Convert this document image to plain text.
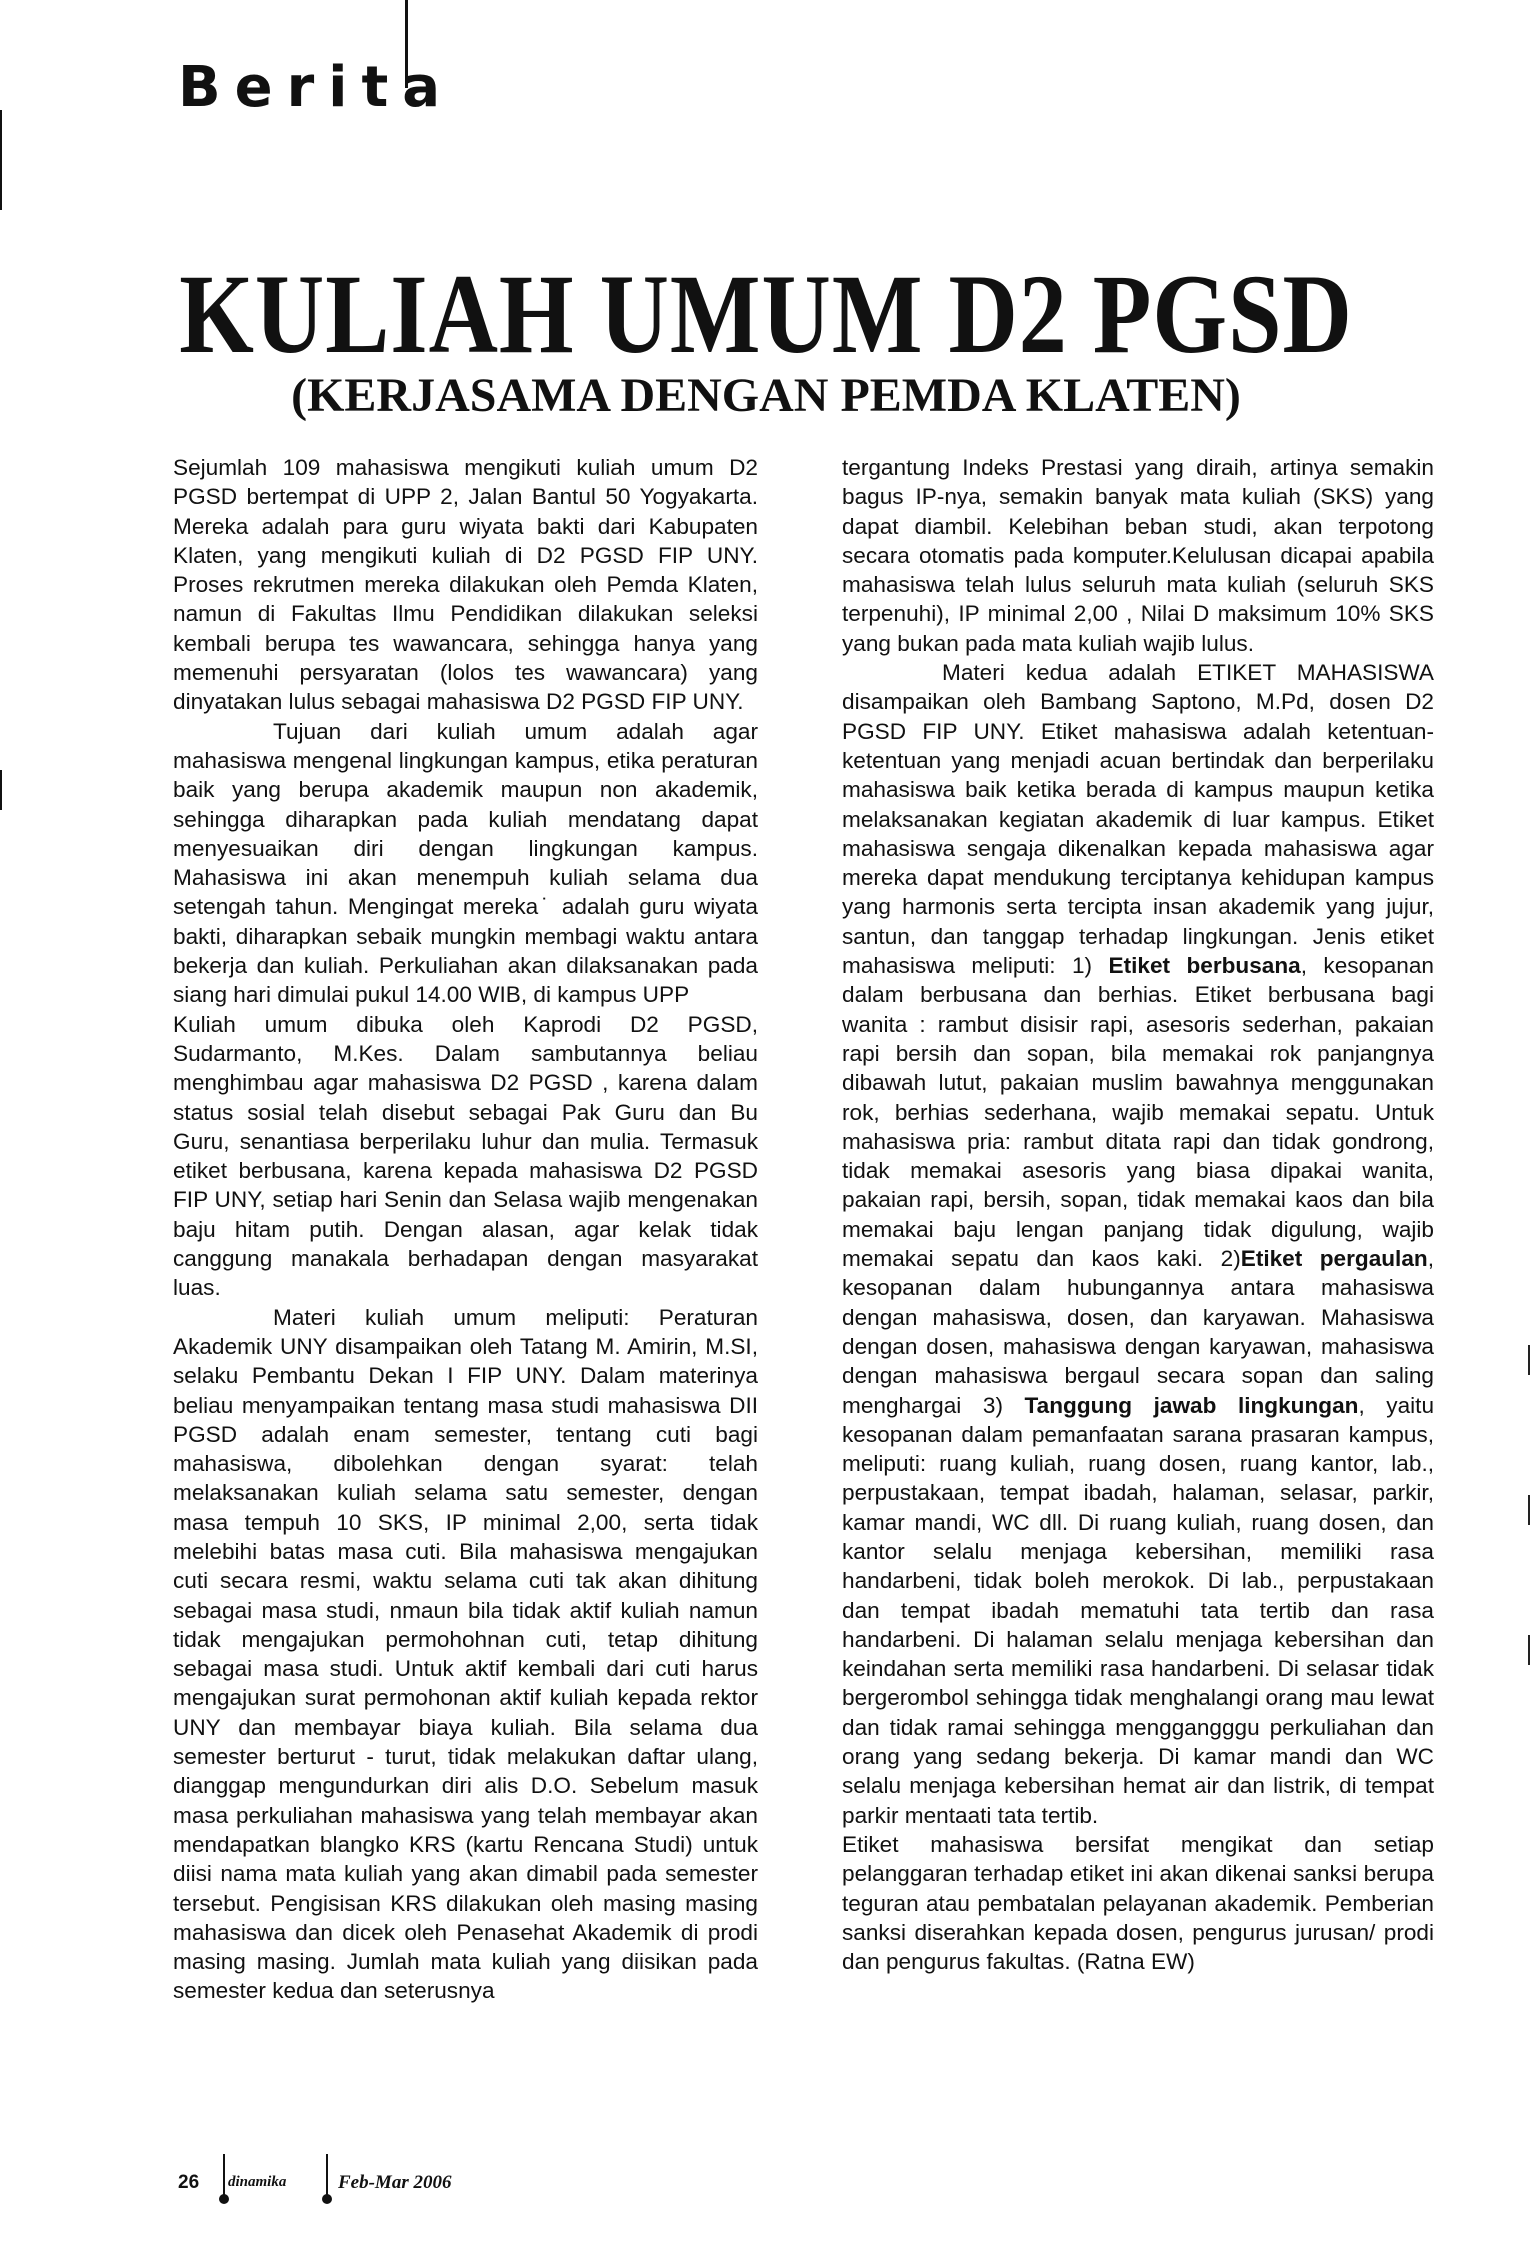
Berita
KULIAH UMUM D2 PGSD
(KERJASAMA DENGAN PEMDA KLATEN)

Sejumlah 109 mahasiswa mengikuti kuliah umum D2 PGSD bertempat di UPP 2, Jalan Bantul 50 Yogyakarta. Mereka adalah para guru wiyata bakti dari Kabupaten Klaten, yang mengikuti kuliah di D2 PGSD FIP UNY. Proses rekrutmen mereka dilakukan oleh Pemda Klaten, namun di Fakultas Ilmu Pendidikan dilakukan seleksi kembali berupa tes wawancara, sehingga hanya yang memenuhi persyaratan (lolos tes wawancara) yang dinyatakan lulus sebagai mahasiswa D2 PGSD FIP UNY.

Tujuan dari kuliah umum adalah agar mahasiswa mengenal lingkungan kampus, etika peraturan baik yang berupa akademik maupun non akademik, sehingga diharapkan pada kuliah mendatang dapat menyesuaikan diri dengan lingkungan kampus. Mahasiswa ini akan menempuh kuliah selama dua setengah tahun. Mengingat mereka˙ adalah guru wiyata bakti, diharapkan sebaik mungkin membagi waktu antara bekerja dan kuliah. Perkuliahan akan dilaksanakan pada siang hari dimulai pukul 14.00 WIB, di kampus UPP

Kuliah umum dibuka oleh Kaprodi D2 PGSD, Sudarmanto, M.Kes. Dalam sambutannya beliau menghimbau agar mahasiswa D2 PGSD , karena dalam status sosial telah disebut sebagai Pak Guru dan Bu Guru, senantiasa berperilaku luhur dan mulia. Termasuk etiket berbusana, karena kepada mahasiswa D2 PGSD FIP UNY, setiap hari Senin dan Selasa wajib mengenakan baju hitam putih. Dengan alasan, agar kelak tidak canggung manakala berhadapan dengan masyarakat luas.

Materi kuliah umum meliputi: Peraturan Akademik UNY disampaikan oleh Tatang M. Amirin, M.SI, selaku Pembantu Dekan I FIP UNY. Dalam materinya beliau menyampaikan tentang masa studi mahasiswa DII PGSD adalah enam semester, tentang cuti bagi mahasiswa, dibolehkan dengan syarat: telah melaksanakan kuliah selama satu semester, dengan masa tempuh 10 SKS, IP minimal 2,00, serta tidak melebihi batas masa cuti. Bila mahasiswa mengajukan cuti secara resmi, waktu selama cuti tak akan dihitung sebagai masa studi, nmaun bila tidak aktif kuliah namun tidak mengajukan permohohnan cuti, tetap dihitung sebagai masa studi. Untuk aktif kembali dari cuti harus mengajukan surat permohonan aktif kuliah kepada rektor UNY dan membayar biaya kuliah. Bila selama dua semester berturut - turut, tidak melakukan daftar ulang, dianggap mengundurkan diri alis D.O. Sebelum masuk masa perkuliahan mahasiswa yang telah membayar akan mendapatkan blangko KRS (kartu Rencana Studi) untuk diisi nama mata kuliah yang akan dimabil pada semester tersebut. Pengisisan KRS dilakukan oleh masing masing mahasiswa dan dicek oleh Penasehat Akademik di prodi masing masing. Jumlah mata kuliah yang diisikan pada semester kedua dan seterusnya

tergantung Indeks Prestasi yang diraih, artinya semakin bagus IP-nya, semakin banyak mata kuliah (SKS) yang dapat diambil. Kelebihan beban studi, akan terpotong secara otomatis pada komputer.Kelulusan dicapai apabila mahasiswa telah lulus seluruh mata kuliah (seluruh SKS terpenuhi), IP minimal 2,00 , Nilai D maksimum 10% SKS yang bukan pada mata kuliah wajib lulus.

Materi kedua adalah ETIKET MAHASISWA disampaikan oleh Bambang Saptono, M.Pd, dosen D2 PGSD FIP UNY. Etiket mahasiswa adalah ketentuan-ketentuan yang menjadi acuan bertindak dan berperilaku mahasiswa baik ketika berada di kampus maupun ketika melaksanakan kegiatan akademik di luar kampus. Etiket mahasiswa sengaja dikenalkan kepada mahasiswa agar mereka dapat mendukung terciptanya kehidupan kampus yang harmonis serta tercipta insan akademik yang jujur, santun, dan tanggap terhadap lingkungan. Jenis etiket mahasiswa meliputi: 1) Etiket berbusana, kesopanan dalam berbusana dan berhias. Etiket berbusana bagi wanita : rambut disisir rapi, asesoris sederhan, pakaian rapi bersih dan sopan, bila memakai rok panjangnya dibawah lutut, pakaian muslim bawahnya menggunakan rok, berhias sederhana, wajib memakai sepatu. Untuk mahasiswa pria: rambut ditata rapi dan tidak gondrong, tidak memakai asesoris yang biasa dipakai wanita, pakaian rapi, bersih, sopan, tidak memakai kaos dan bila memakai baju lengan panjang tidak digulung, wajib memakai sepatu dan kaos kaki. 2)Etiket pergaulan, kesopanan dalam hubungannya antara mahasiswa dengan mahasiswa, dosen, dan karyawan. Mahasiswa dengan dosen, mahasiswa dengan karyawan, mahasiswa dengan mahasiswa bergaul secara sopan dan saling menghargai 3) Tanggung jawab lingkungan, yaitu kesopanan dalam pemanfaatan sarana prasaran kampus, meliputi: ruang kuliah, ruang dosen, ruang kantor, lab., perpustakaan, tempat ibadah, halaman, selasar, parkir, kamar mandi, WC dll. Di ruang kuliah, ruang dosen, dan kantor selalu menjaga kebersihan, memiliki rasa handarbeni, tidak boleh merokok. Di lab., perpustakaan dan tempat ibadah mematuhi tata tertib dan rasa handarbeni. Di halaman selalu menjaga kebersihan dan keindahan serta memiliki rasa handarbeni. Di selasar tidak bergerombol sehingga tidak menghalangi orang mau lewat dan tidak ramai sehingga menggangggu perkuliahan dan orang yang sedang bekerja. Di kamar mandi dan WC selalu menjaga kebersihan hemat air dan listrik, di tempat parkir mentaati tata tertib.

Etiket mahasiswa bersifat mengikat dan setiap pelanggaran terhadap etiket ini akan dikenai sanksi berupa teguran atau pembatalan pelayanan akademik. Pemberian sanksi diserahkan kepada dosen, pengurus jurusan/ prodi dan pengurus fakultas. (Ratna EW)

26 dinamika	Feb-Mar 2006
